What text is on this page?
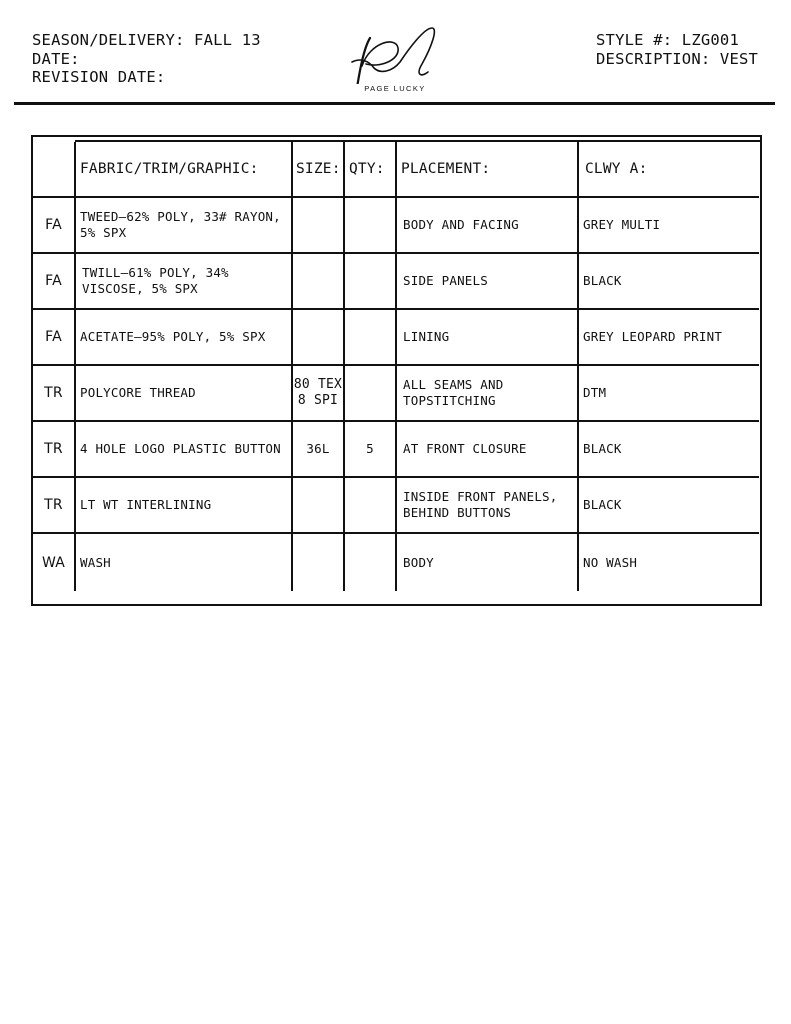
SEASON/DELIVERY: FALL 13
DATE:
REVISION DATE:
PAGE LUCKY
STYLE #: LZG001
DESCRIPTION: VEST
	FABRIC/TRIM/GRAPHIC:	SIZE:	QTY:	PLACEMENT:	CLWY A:
FA	TWEED–62% POLY, 33# RAYON, 5% SPX			BODY AND FACING	GREY MULTI
FA	TWILL–61% POLY, 34% VISCOSE, 5% SPX			SIDE PANELS	BLACK
FA	ACETATE–95% POLY, 5% SPX			LINING	GREY LEOPARD PRINT
TR	POLYCORE THREAD	80 TEX 8 SPI		ALL SEAMS AND TOPSTITCHING	DTM
TR	4 HOLE LOGO PLASTIC BUTTON	36L	5	AT FRONT CLOSURE	BLACK
TR	LT WT INTERLINING			INSIDE FRONT PANELS, BEHIND BUTTONS	BLACK
WA	WASH			BODY	NO WASH
